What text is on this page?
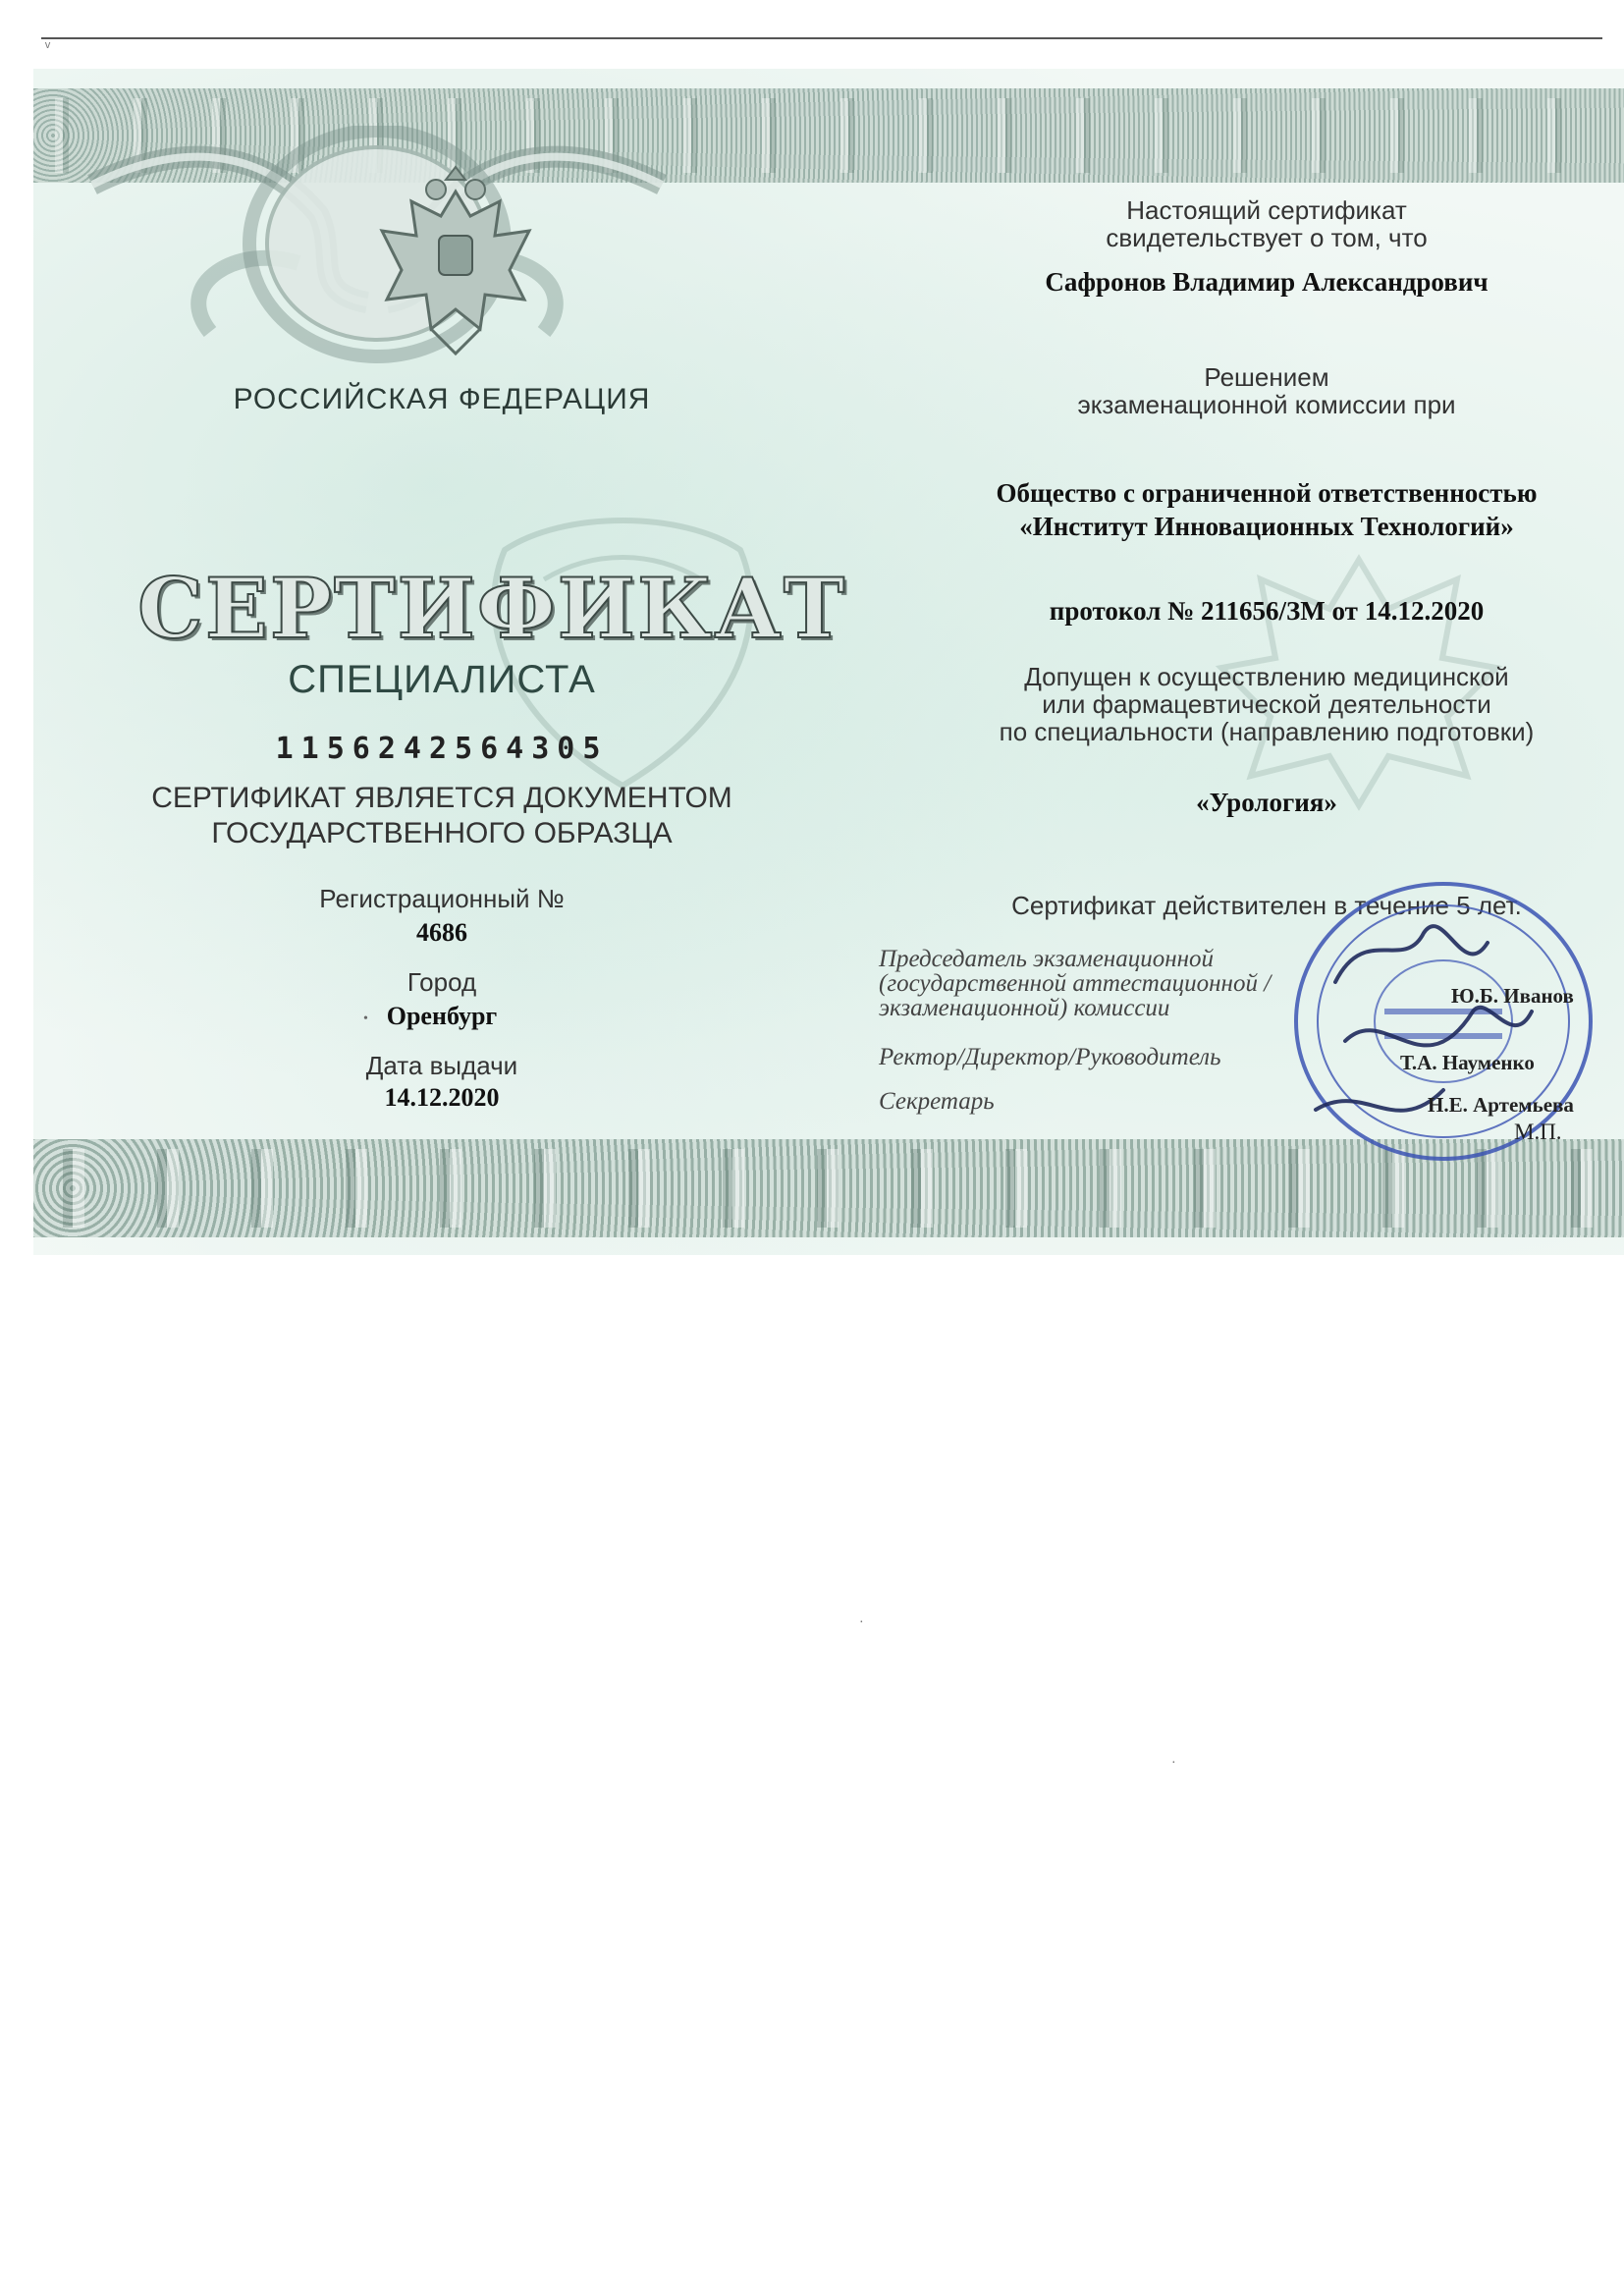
ᵛ
РОССИЙСКАЯ ФЕДЕРАЦИЯ
СЕРТИФИКАТ
СПЕЦИАЛИСТА
1156242564305
СЕРТИФИКАТ ЯВЛЯЕТСЯ ДОКУМЕНТОМ
ГОСУДАРСТВЕННОГО ОБРАЗЦА
Регистрационный №
4686
Город
Оренбург
Дата выдачи
14.12.2020
Настоящий сертификат
свидетельствует о том, что
Сафронов Владимир Александрович
Решением
экзаменационной комиссии при
Общество с ограниченной ответственностью
«Институт Инновационных Технологий»
протокол № 211656/ЗМ от 14.12.2020
Допущен к осуществлению медицинской
или фармацевтической деятельности
по специальности (направлению подготовки)
«Урология»
Сертификат действителен в течение 5 лет.
Председатель экзаменационной
(государственной аттестационной /
экзаменационной) комиссии
Ректор/Директор/Руководитель
Секретарь
Ю.Б. Иванов
Т.А. Науменко
Н.Е. Артемьева
М.П.
•
·
·
